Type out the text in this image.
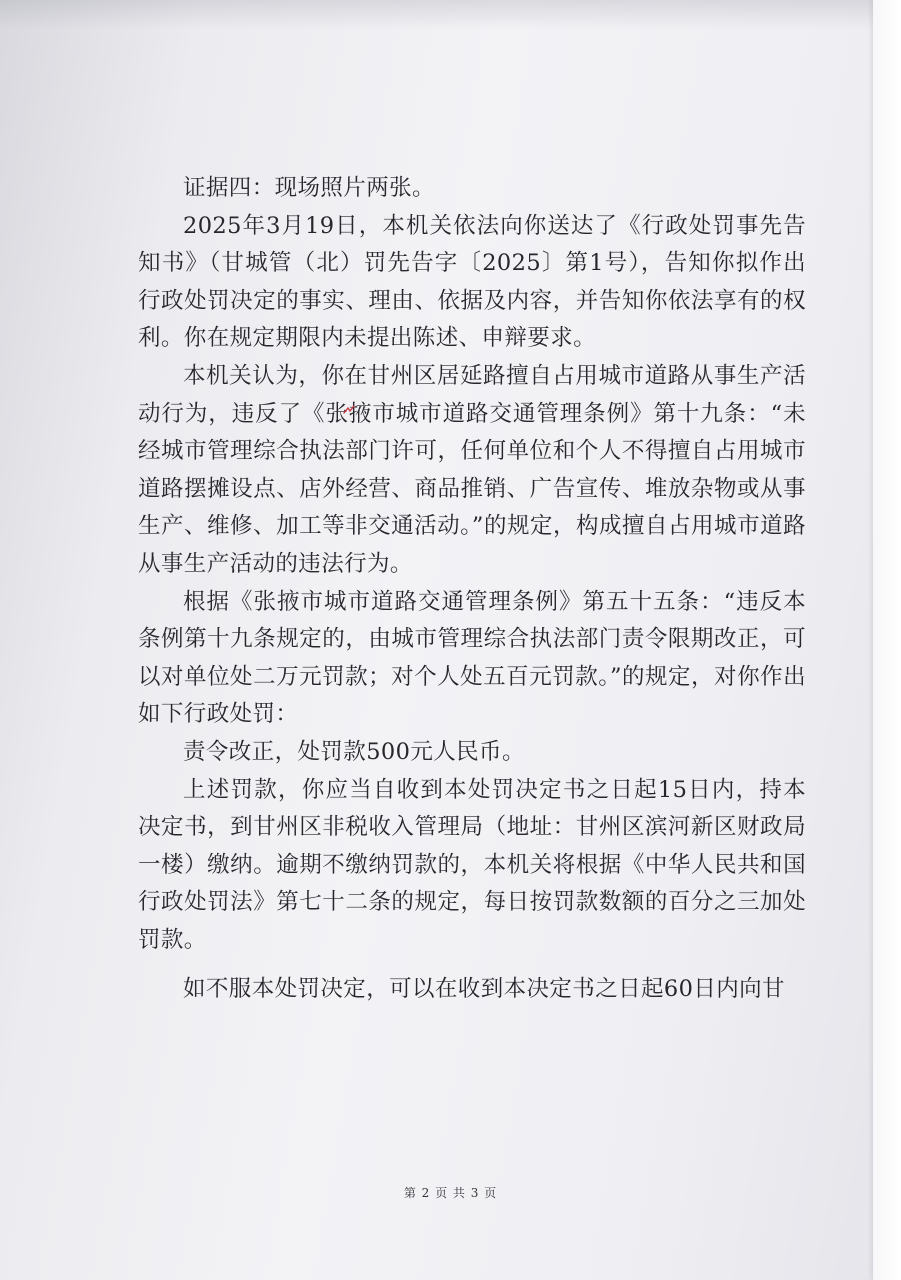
证据四：现场照片两张。

2025年3月19日，本机关依法向你送达了《行政处罚事先告知书》（甘城管（北）罚先告字〔2025〕第1号），告知你拟作出行政处罚决定的事实、理由、依据及内容，并告知你依法享有的权利。你在规定期限内未提出陈述、申辩要求。

本机关认为，你在甘州区居延路擅自占用城市道路从事生产活动行为，违反了《张掖市城市道路交通管理条例》第十九条：“未经城市管理综合执法部门许可，任何单位和个人不得擅自占用城市道路摆摊设点、店外经营、商品推销、广告宣传、堆放杂物或从事生产、维修、加工等非交通活动。”的规定，构成擅自占用城市道路从事生产活动的违法行为。

根据《张掖市城市道路交通管理条例》第五十五条：“违反本条例第十九条规定的，由城市管理综合执法部门责令限期改正，可以对单位处二万元罚款；对个人处五百元罚款。”的规定，对你作出如下行政处罚：

责令改正，处罚款500元人民币。

上述罚款，你应当自收到本处罚决定书之日起15日内，持本决定书，到甘州区非税收入管理局（地址：甘州区滨河新区财政局一楼）缴纳。逾期不缴纳罚款的，本机关将根据《中华人民共和国行政处罚法》第七十二条的规定，每日按罚款数额的百分之三加处罚款。

如不服本处罚决定，可以在收到本决定书之日起60日内向甘

第 2 页 共 3 页
